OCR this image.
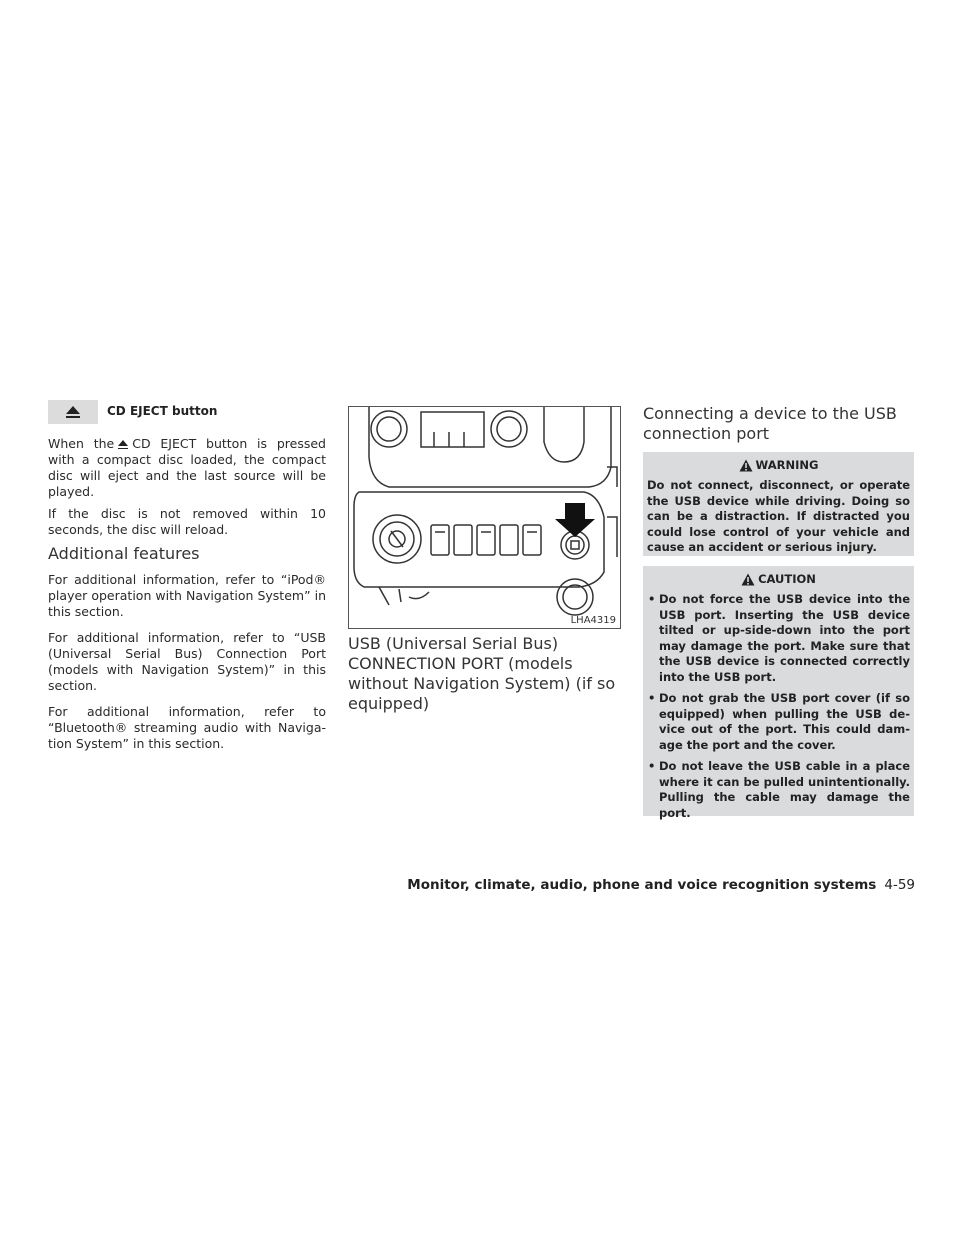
CD EJECT button

When the CD EJECT button is pressed with a compact disc loaded, the compact disc will eject and the last source will be played.

If the disc is not removed within 10 seconds, the disc will reload.

Additional features

For additional information, refer to “iPod® player operation with Navigation System” in this section.

For additional information, refer to “USB (Universal Serial Bus) Connection Port (models with Navigation System)” in this section.

For additional information, refer to “Bluetooth® streaming audio with Naviga- tion System” in this section.

LHA4319
USB (Universal Serial Bus) CONNECTION PORT (models without Navigation System) (if so equipped)
Connecting a device to the USB connection port
WARNING
Do not connect, disconnect, or operate the USB device while driving. Doing so can be a distraction. If distracted you could lose control of your vehicle and cause an accident or serious injury.
CAUTION
• Do not force the USB device into the USB port. Inserting the USB device tilted or up-side-down into the port may damage the port. Make sure that the USB device is connected correctly into the USB port.
• Do not grab the USB port cover (if so equipped) when pulling the USB de- vice out of the port. This could dam- age the port and the cover.
• Do not leave the USB cable in a place where it can be pulled unintentionally. Pulling the cable may damage the port.
Monitor, climate, audio, phone and voice recognition systems 4-59
